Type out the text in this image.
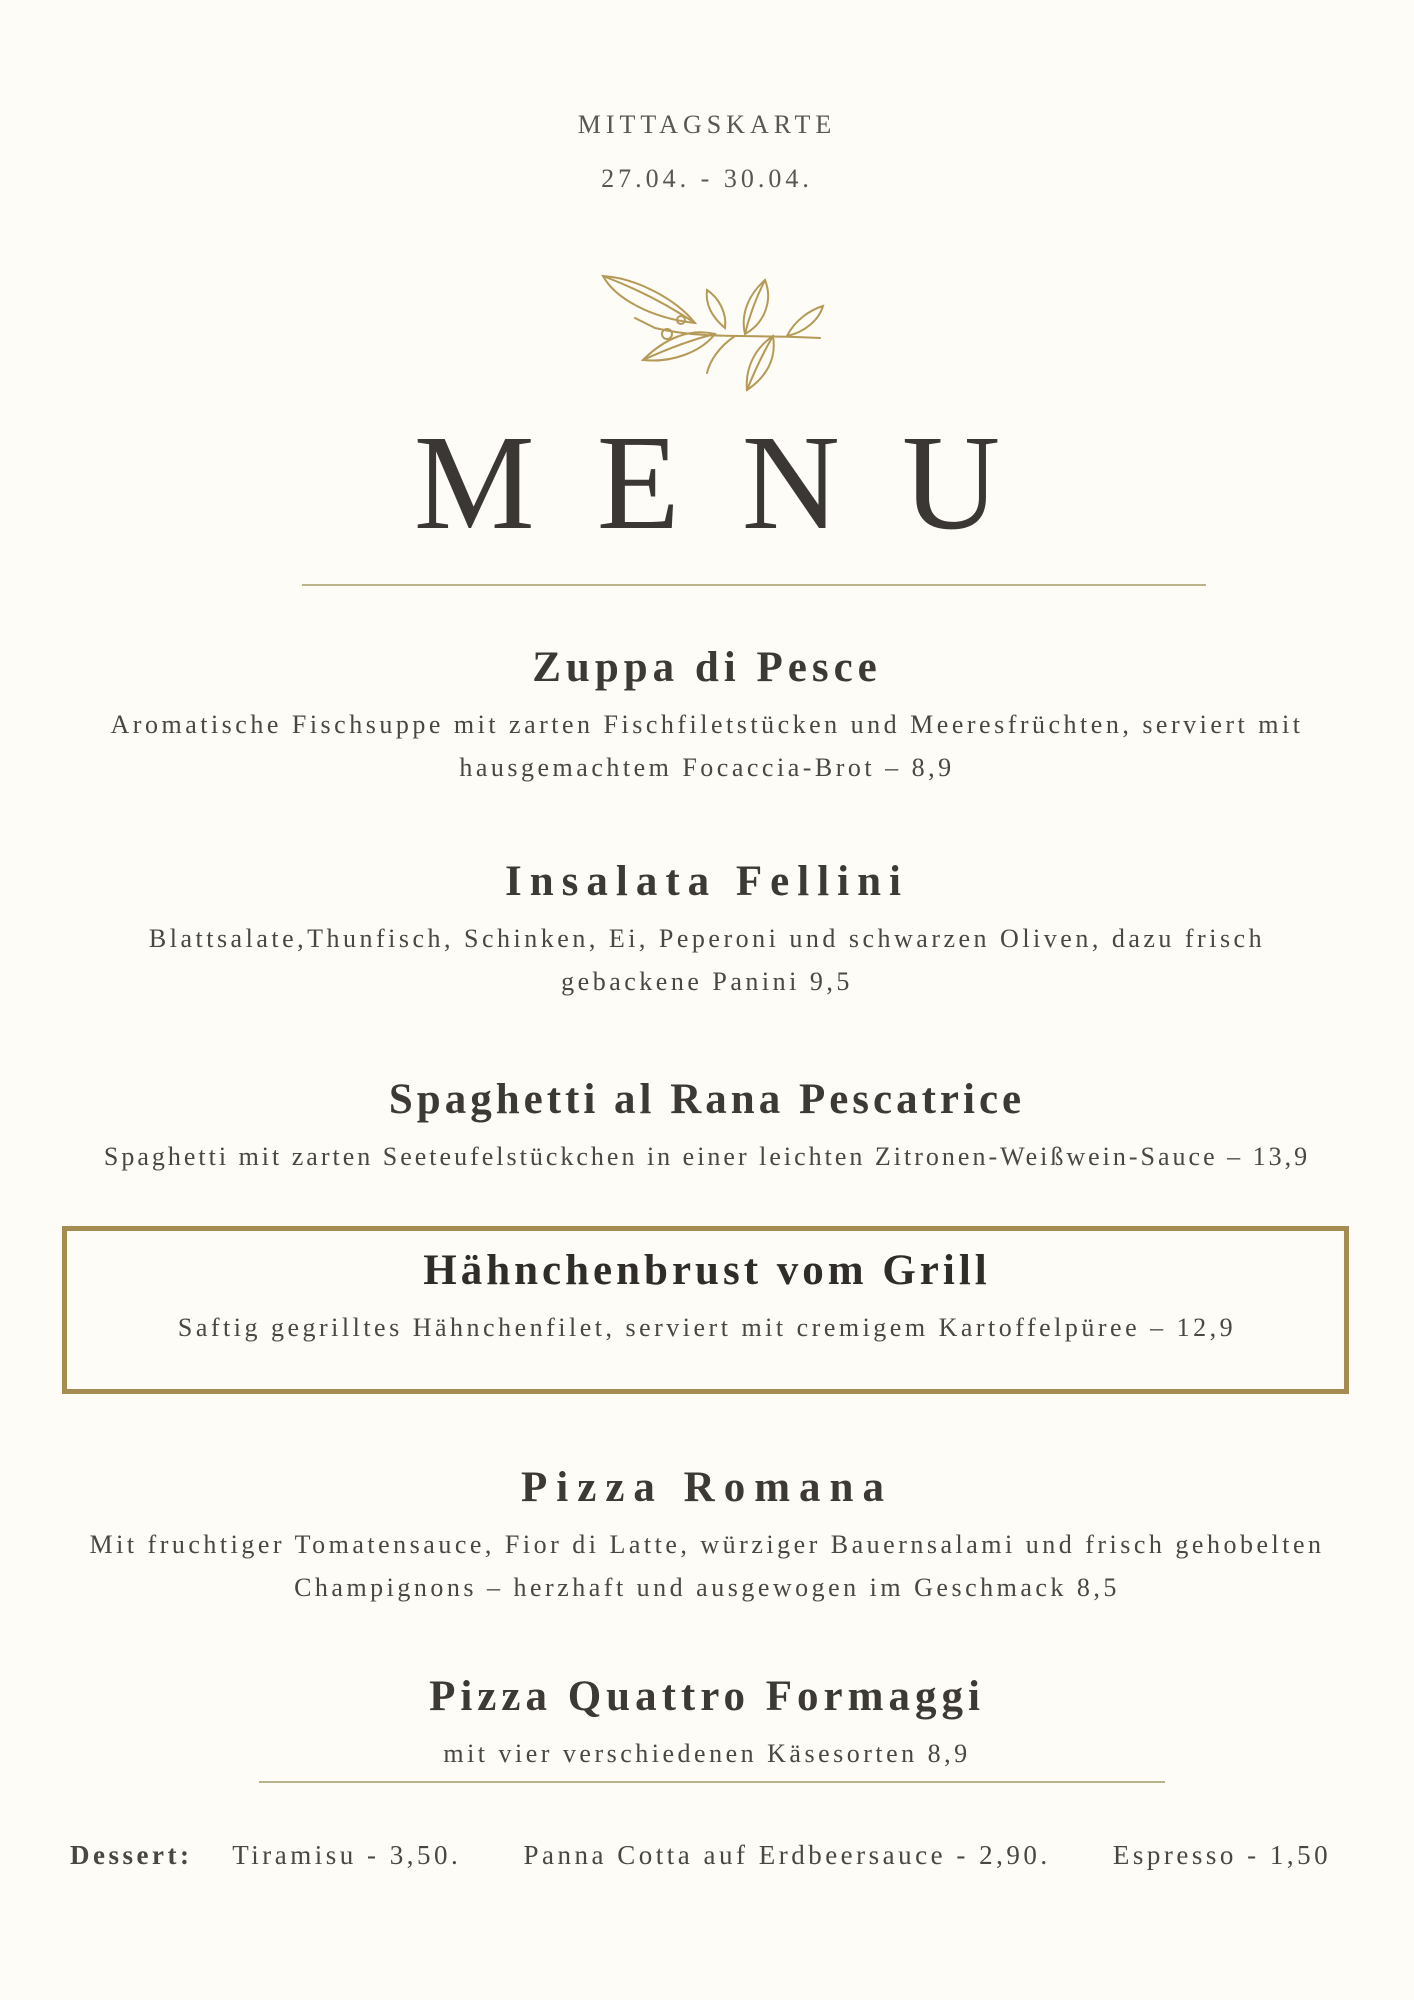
MITTAGSKARTE
27.04. - 30.04.
MENU
Zuppa di Pesce
Aromatische Fischsuppe mit zarten Fischfiletstücken und Meeresfrüchten, serviert mit
hausgemachtem Focaccia-Brot – 8,9
Insalata Fellini
Blattsalate,Thunfisch, Schinken, Ei, Peperoni und schwarzen Oliven, dazu frisch
gebackene Panini 9,5
Spaghetti al Rana Pescatrice
Spaghetti mit zarten Seeteufelstückchen in einer leichten Zitronen-Weißwein-Sauce – 13,9
Hähnchenbrust vom Grill
Saftig gegrilltes Hähnchenfilet, serviert mit cremigem Kartoffelpüree – 12,9
Pizza Romana
Mit fruchtiger Tomatensauce, Fior di Latte, würziger Bauernsalami und frisch gehobelten
Champignons – herzhaft und ausgewogen im Geschmack 8,5
Pizza Quattro Formaggi
mit vier verschiedenen Käsesorten 8,9
Dessert: Tiramisu - 3,50. Panna Cotta auf Erdbeersauce - 2,90. Espresso - 1,50
